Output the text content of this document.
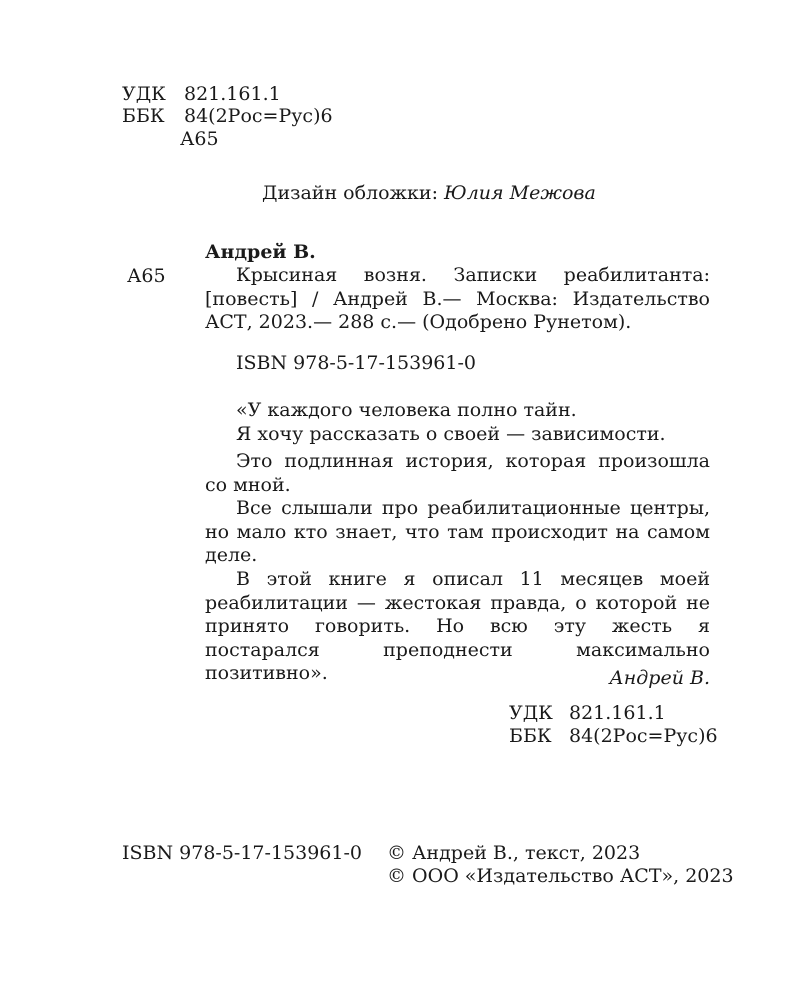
УДК 821.161.1
ББК 84(2Рос=Рус)6
А65
Дизайн обложки: Юлия Межова
Андрей В.
А65	Крысиная возня. Записки реабилитанта: [повесть] / Андрей В.— Москва: Издательство АСТ, 2023.— 288 с.— (Одобрено Рунетом).
ISBN 978-5-17-153961-0
«У каждого человека полно тайн.
Я хочу рассказать о своей — зависимости.
Это подлинная история, которая произошла со мной.
Все слышали про реабилитационные центры, но мало кто знает, что там происходит на самом деле.
В этой книге я описал 11 месяцев моей реабилитации — жестокая правда, о которой не принято говорить. Но всю эту жесть я постарался преподнести максимально позитивно».	Андрей В.
УДК 821.161.1
ББК 84(2Рос=Рус)6
ISBN 978-5-17-153961-0 © Андрей В., текст, 2023
© ООО «Издательство АСТ», 2023
